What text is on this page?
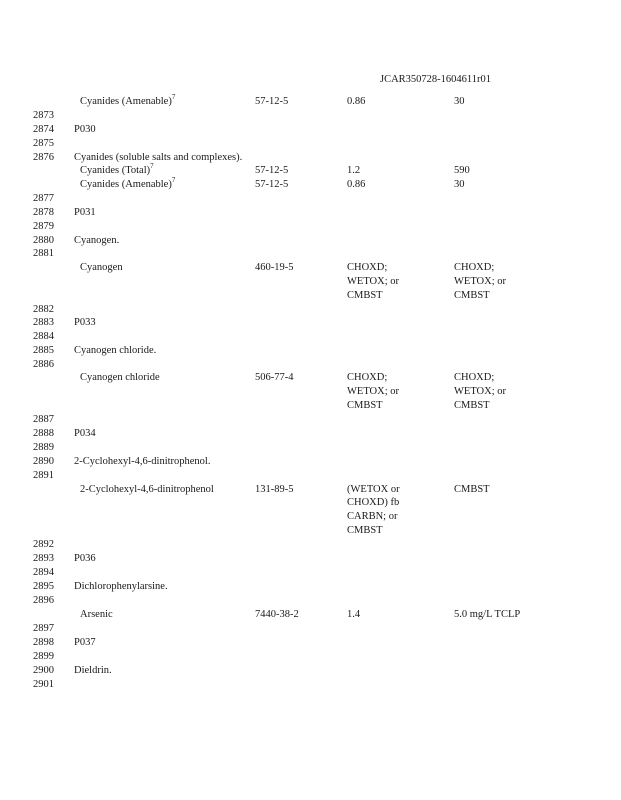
JCAR350728-1604611r01
Cyanides (Amenable)$^7$	57-12-5	0.86	30
2873
2874	P030
2875
2876	Cyanides (soluble salts and complexes).
Cyanides (Total)$^7$	57-12-5	1.2	590
Cyanides (Amenable)$^7$	57-12-5	0.86	30
2877
2878	P031
2879
2880	Cyanogen.
2881
Cyanogen	460-19-5	CHOXD;	CHOXD;
WETOX; or	WETOX; or
CMBST	CMBST
2882
2883	P033
2884
2885	Cyanogen chloride.
2886
Cyanogen chloride	506-77-4	CHOXD;	CHOXD;
WETOX; or	WETOX; or
CMBST	CMBST
2887
2888	P034
2889
2890	2-Cyclohexyl-4,6-dinitrophenol.
2891
2-Cyclohexyl-4,6-dinitrophenol	131-89-5	(WETOX or	CMBST
CHOXD) fb
CARBN; or
CMBST
2892
2893	P036
2894
2895	Dichlorophenylarsine.
2896
Arsenic	7440-38-2	1.4	5.0 mg/L TCLP
2897
2898	P037
2899
2900	Dieldrin.
2901
